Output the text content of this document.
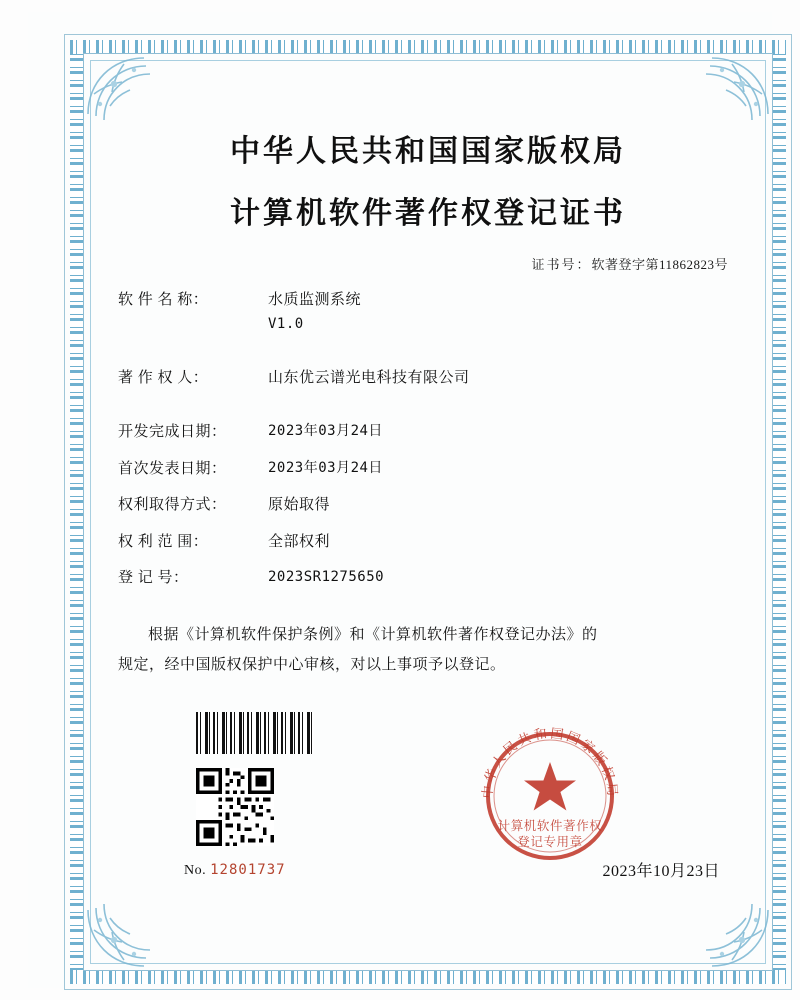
中华人民共和国国家版权局
计算机软件著作权登记证书
证书号：软著登字第11862823号
软 件 名 称：	水质监测系统
V1.0
著 作 权 人：	山东优云谱光电科技有限公司
开发完成日期：	2023年03月24日
首次发表日期：	2023年03月24日
权利取得方式：	原始取得
权 利 范 围：	全部权利
登 记 号：	2023SR1275650
根据《计算机软件保护条例》和《计算机软件著作权登记办法》的
规定，经中国版权保护中心审核，对以上事项予以登记。
No. 12801737
中华人民共和国国家版权局
计算机软件著作权
登记专用章
2023年10月23日
